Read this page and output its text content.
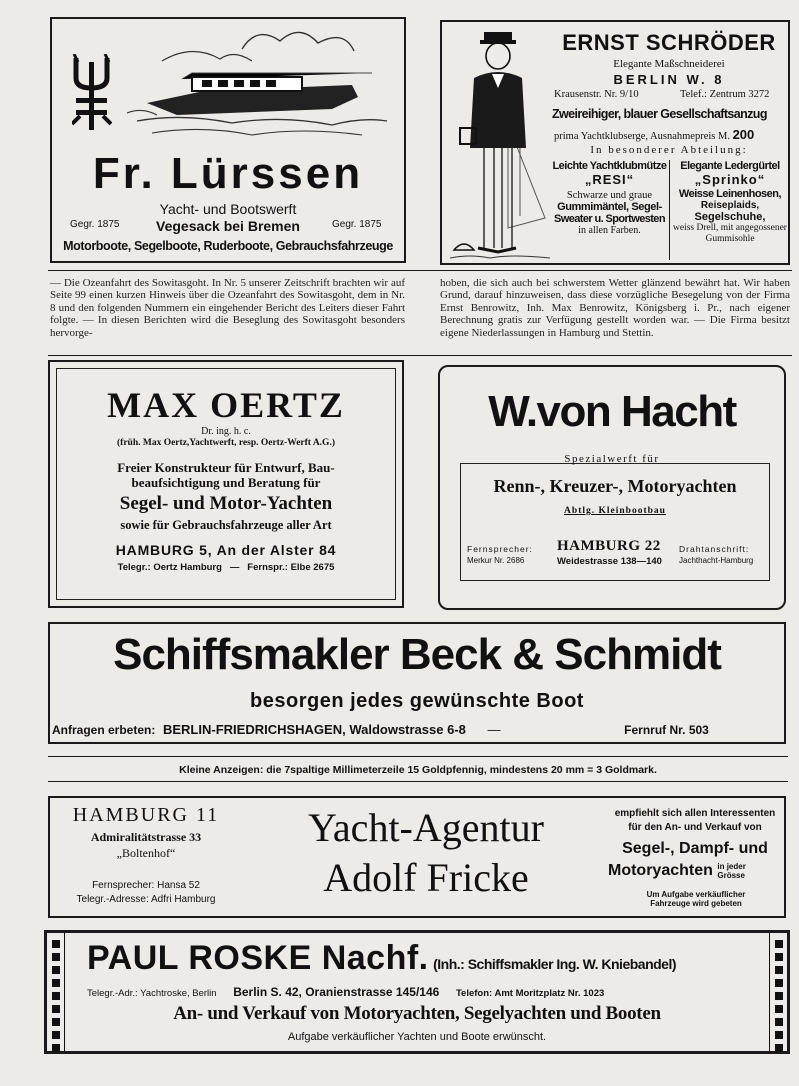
Fr. Lürssen
Yacht- und Bootswerft
Gegr. 1875	Vegesack bei Bremen	Gegr. 1875
Motorboote, Segelboote, Ruderboote, Gebrauchsfahrzeuge
ERNST SCHRÖDER
Elegante Maßschneiderei
BERLIN W. 8
Krausenstr. Nr. 9/10	Telef.: Zentrum 3272
Zweireihiger, blauer Gesellschaftsanzug
prima Yachtklubserge, Ausnahmepreis M. 200
In besonderer Abteilung:
Leichte Yachtklubmütze
„RESI“
Schwarze und graue
Gummimäntel, Segel-
Sweater u. Sportwesten
in allen Farben.
Elegante Ledergürtel
„Sprinko“
Weisse Leinenhosen,
Reiseplaids,
Segelschuhe,
weiss Drell, mit angegossener Gummisohle
— Die Ozeanfahrt des Sowitasgoht. In Nr. 5 unserer Zeitschrift brachten wir auf Seite 99 einen kurzen Hinweis über die Ozeanfahrt des Sowitasgoht, dem in Nr. 8 und den folgenden Nummern ein eingehender Bericht des Leiters dieser Fahrt folgte. — In diesen Berichten wird die Beseglung des Sowitasgoht besonders hervorge-
hoben, die sich auch bei schwerstem Wetter glänzend bewährt hat. Wir haben Grund, darauf hinzuweisen, dass diese vorzügliche Besegelung von der Firma Ernst Benrowitz, Inh. Max Benrowitz, Königsberg i. Pr., nach eigener Berechnung gratis zur Verfügung gestellt worden war. — Die Firma besitzt eigene Niederlassungen in Hamburg und Stettin.
MAX OERTZ
Dr. ing. h. c.
(früh. Max Oertz,Yachtwerft, resp. Oertz-Werft A.G.)
Freier Konstrukteur für Entwurf, Bau-
beaufsichtigung und Beratung für
Segel- und Motor-Yachten
sowie für Gebrauchsfahrzeuge aller Art
HAMBURG 5, An der Alster 84
Telegr.: Oertz Hamburg — Fernspr.: Elbe 2675
W.von Hacht
Spezialwerft für
Renn-, Kreuzer-, Motoryachten
Abtlg. Kleinbootbau
Fernsprecher:
Merkur Nr. 2686
HAMBURG 22
Weidestrasse 138—140
Drahtanschrift:
Jachthacht-Hamburg
Schiffsmakler Beck & Schmidt
besorgen jedes gewünschte Boot
Anfragen erbeten: BERLIN-FRIEDRICHSHAGEN, Waldowstrasse 6-8 —	Fernruf Nr. 503
Kleine Anzeigen: die 7spaltige Millimeterzeile 15 Goldpfennig, mindestens 20 mm = 3 Goldmark.
HAMBURG 11
Admiralitätstrasse 33
„Boltenhof“
Fernsprecher: Hansa 52
Telegr.-Adresse: Adfri Hamburg
Yacht-Agentur
Adolf Fricke
empfiehlt sich allen Interessenten
für den An- und Verkauf von
Segel-, Dampf- und
Motoryachten in jeder Grösse
Um Aufgabe verkäuflicher Fahrzeuge wird gebeten
PAUL ROSKE Nachf. (Inh.: Schiffsmakler Ing. W. Kniebandel)
Telegr.-Adr.: Yachtroske, Berlin Berlin S. 42, Oranienstrasse 145/146 Telefon: Amt Moritzplatz Nr. 1023
An- und Verkauf von Motoryachten, Segelyachten und Booten
Aufgabe verkäuflicher Yachten und Boote erwünscht.
